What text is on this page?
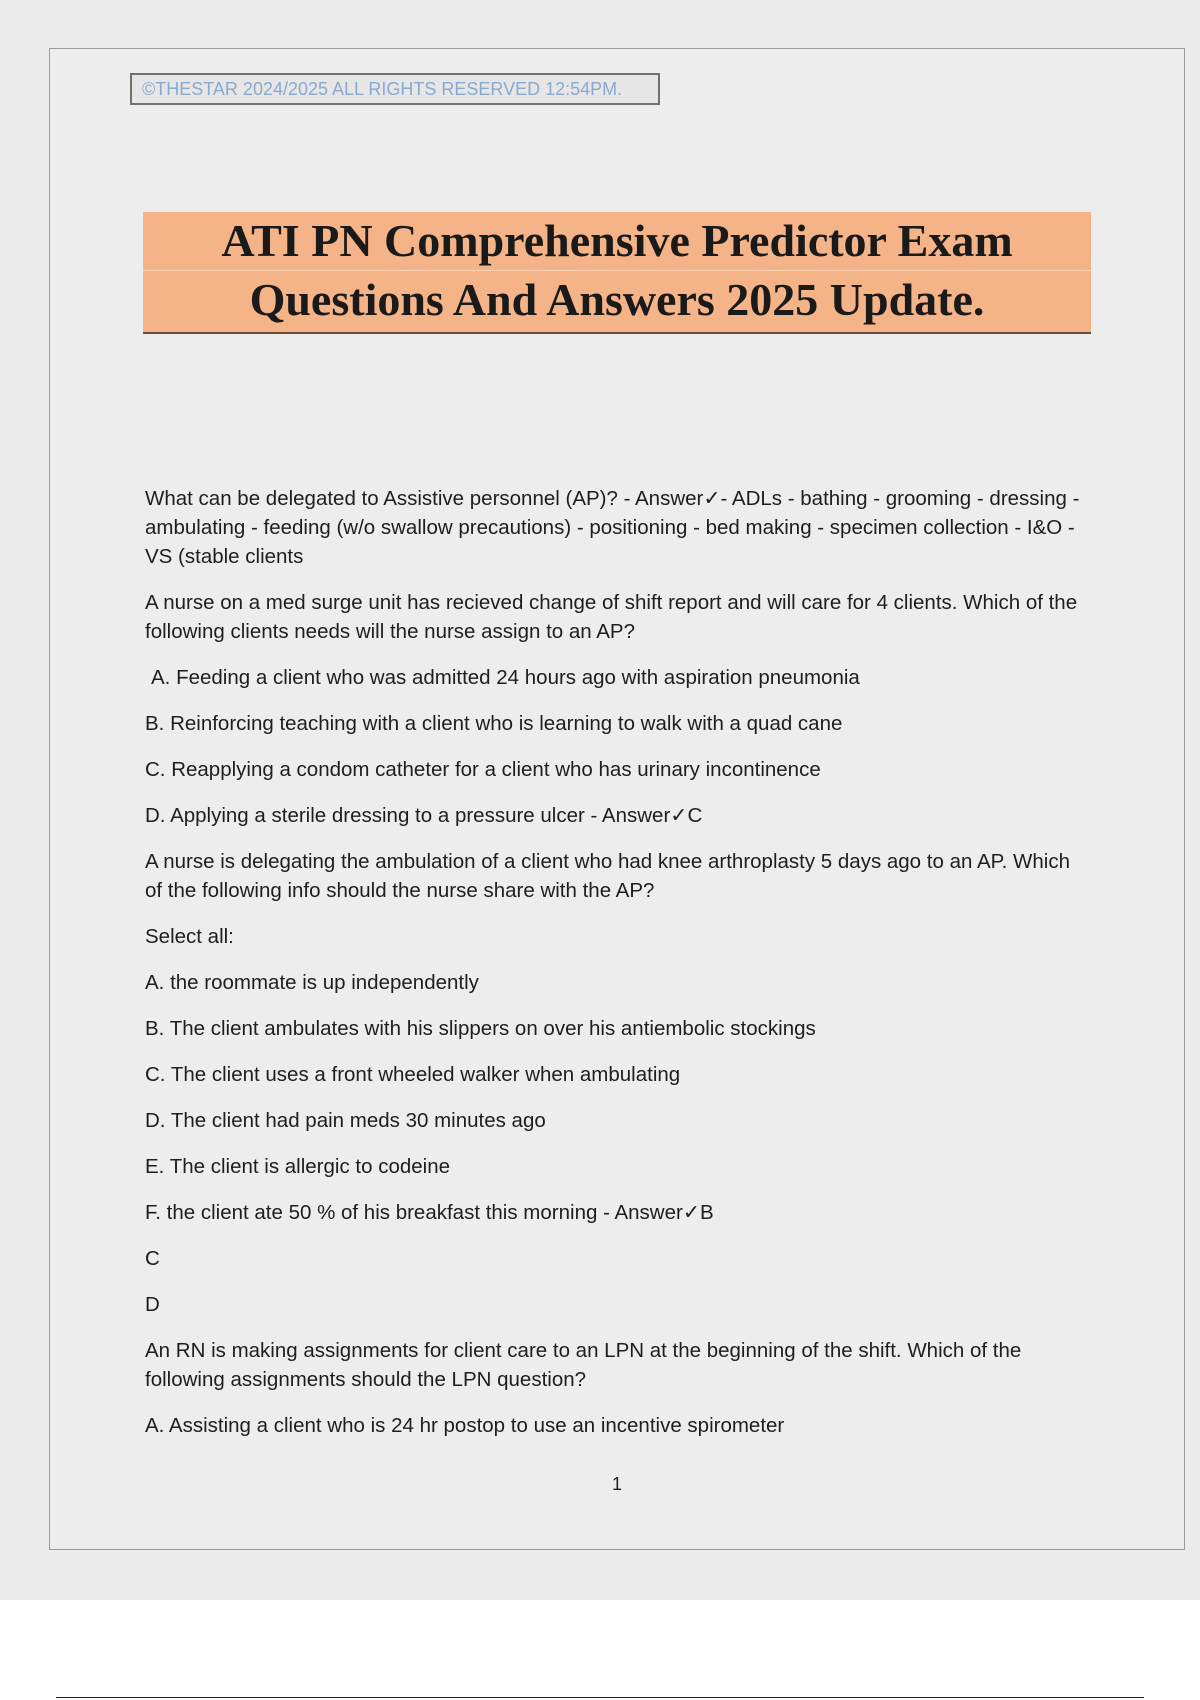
©THESTAR 2024/2025 ALL RIGHTS RESERVED 12:54PM.
ATI PN Comprehensive Predictor Exam
Questions And Answers 2025 Update.

What can be delegated to Assistive personnel (AP)? - Answer✓- ADLs - bathing - grooming - dressing - ambulating - feeding (w/o swallow precautions) - positioning - bed making - specimen collection - I&O - VS (stable clients

A nurse on a med surge unit has recieved change of shift report and will care for 4 clients. Which of the following clients needs will the nurse assign to an AP?

A. Feeding a client who was admitted 24 hours ago with aspiration pneumonia

B. Reinforcing teaching with a client who is learning to walk with a quad cane

C. Reapplying a condom catheter for a client who has urinary incontinence

D. Applying a sterile dressing to a pressure ulcer - Answer✓C

A nurse is delegating the ambulation of a client who had knee arthroplasty 5 days ago to an AP. Which of the following info should the nurse share with the AP?

Select all:

A. the roommate is up independently

B. The client ambulates with his slippers on over his antiembolic stockings

C. The client uses a front wheeled walker when ambulating

D. The client had pain meds 30 minutes ago

E. The client is allergic to codeine

F. the client ate 50 % of his breakfast this morning - Answer✓B

C

D

An RN is making assignments for client care to an LPN at the beginning of the shift. Which of the following assignments should the LPN question?

A. Assisting a client who is 24 hr postop to use an incentive spirometer

1
